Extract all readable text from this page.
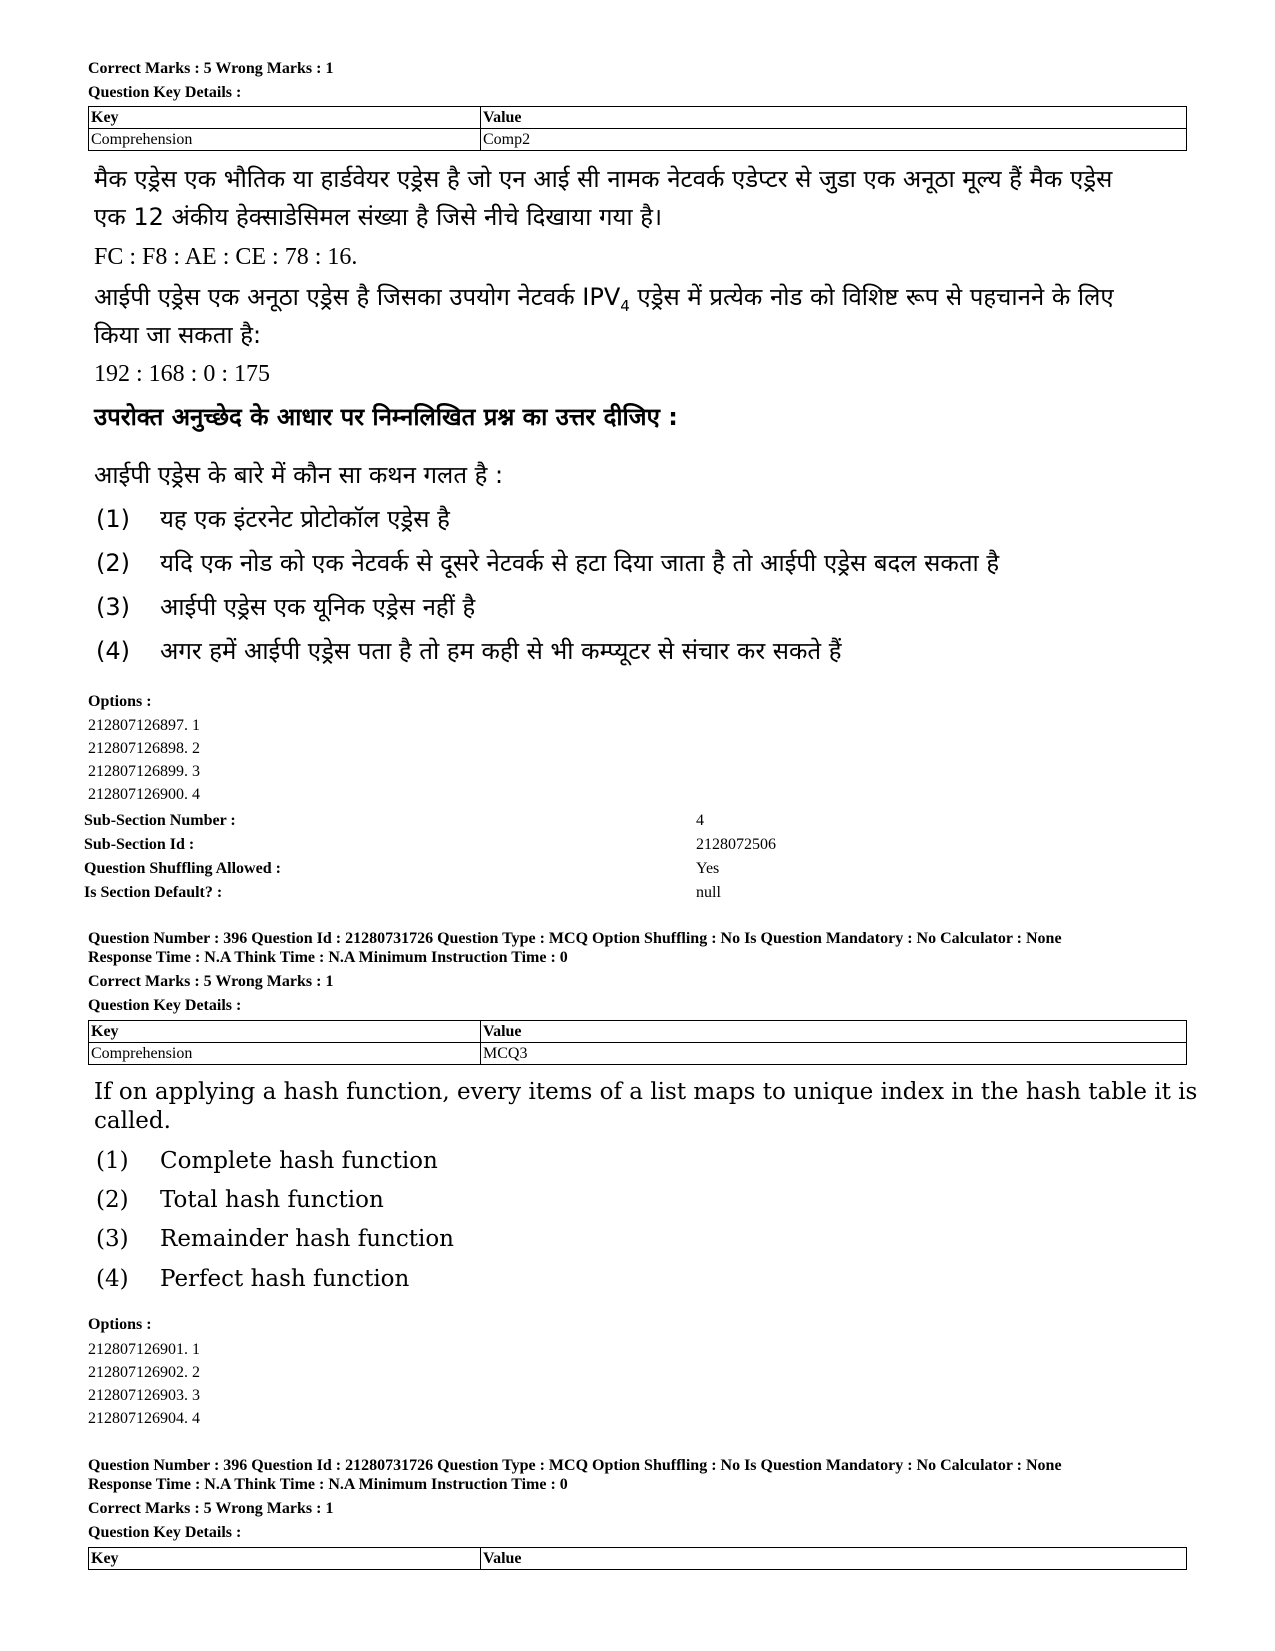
Correct Marks : 5 Wrong Marks : 1
Question Key Details :
Key	Value
Comprehension	Comp2
मैक एड्रेस एक भौतिक या हार्डवेयर एड्रेस है जो एन आई सी नामक नेटवर्क एडेप्टर से जुडा एक अनूठा मूल्य हैं मैक एड्रेस
एक 12 अंकीय हेक्साडेसिमल संख्या है जिसे नीचे दिखाया गया है।
FC : F8 : AE : CE : 78 : 16.
आईपी एड्रेस एक अनूठा एड्रेस है जिसका उपयोग नेटवर्क $IPV_4$ एड्रेस में प्रत्येक नोड को विशिष्ट रूप से पहचानने के लिए
किया जा सकता है:
192 : 168 : 0 : 175
उपरोक्त अनुच्छेद के आधार पर निम्नलिखित प्रश्न का उत्तर दीजिए :
आईपी एड्रेस के बारे में कौन सा कथन गलत है :
(1) यह एक इंटरनेट प्रोटोकॉल एड्रेस है
(2) यदि एक नोड को एक नेटवर्क से दूसरे नेटवर्क से हटा दिया जाता है तो आईपी एड्रेस बदल सकता है
(3) आईपी एड्रेस एक यूनिक एड्रेस नहीं है
(4) अगर हमें आईपी एड्रेस पता है तो हम कही से भी कम्प्यूटर से संचार कर सकते हैं
Options :
212807126897. 1
212807126898. 2
212807126899. 3
212807126900. 4
Sub-Section Number :	4
Sub-Section Id :	2128072506
Question Shuffling Allowed :	Yes
Is Section Default? :	null
Question Number : 396 Question Id : 21280731726 Question Type : MCQ Option Shuffling : No Is Question Mandatory : No Calculator : None
Response Time : N.A Think Time : N.A Minimum Instruction Time : 0
Correct Marks : 5 Wrong Marks : 1
Question Key Details :
Key	Value
Comprehension	MCQ3
If on applying a hash function, every items of a list maps to unique index in the hash table it is
called.
(1) Complete hash function
(2) Total hash function
(3) Remainder hash function
(4) Perfect hash function
Options :
212807126901. 1
212807126902. 2
212807126903. 3
212807126904. 4
Question Number : 396 Question Id : 21280731726 Question Type : MCQ Option Shuffling : No Is Question Mandatory : No Calculator : None
Response Time : N.A Think Time : N.A Minimum Instruction Time : 0
Correct Marks : 5 Wrong Marks : 1
Question Key Details :
Key	Value
